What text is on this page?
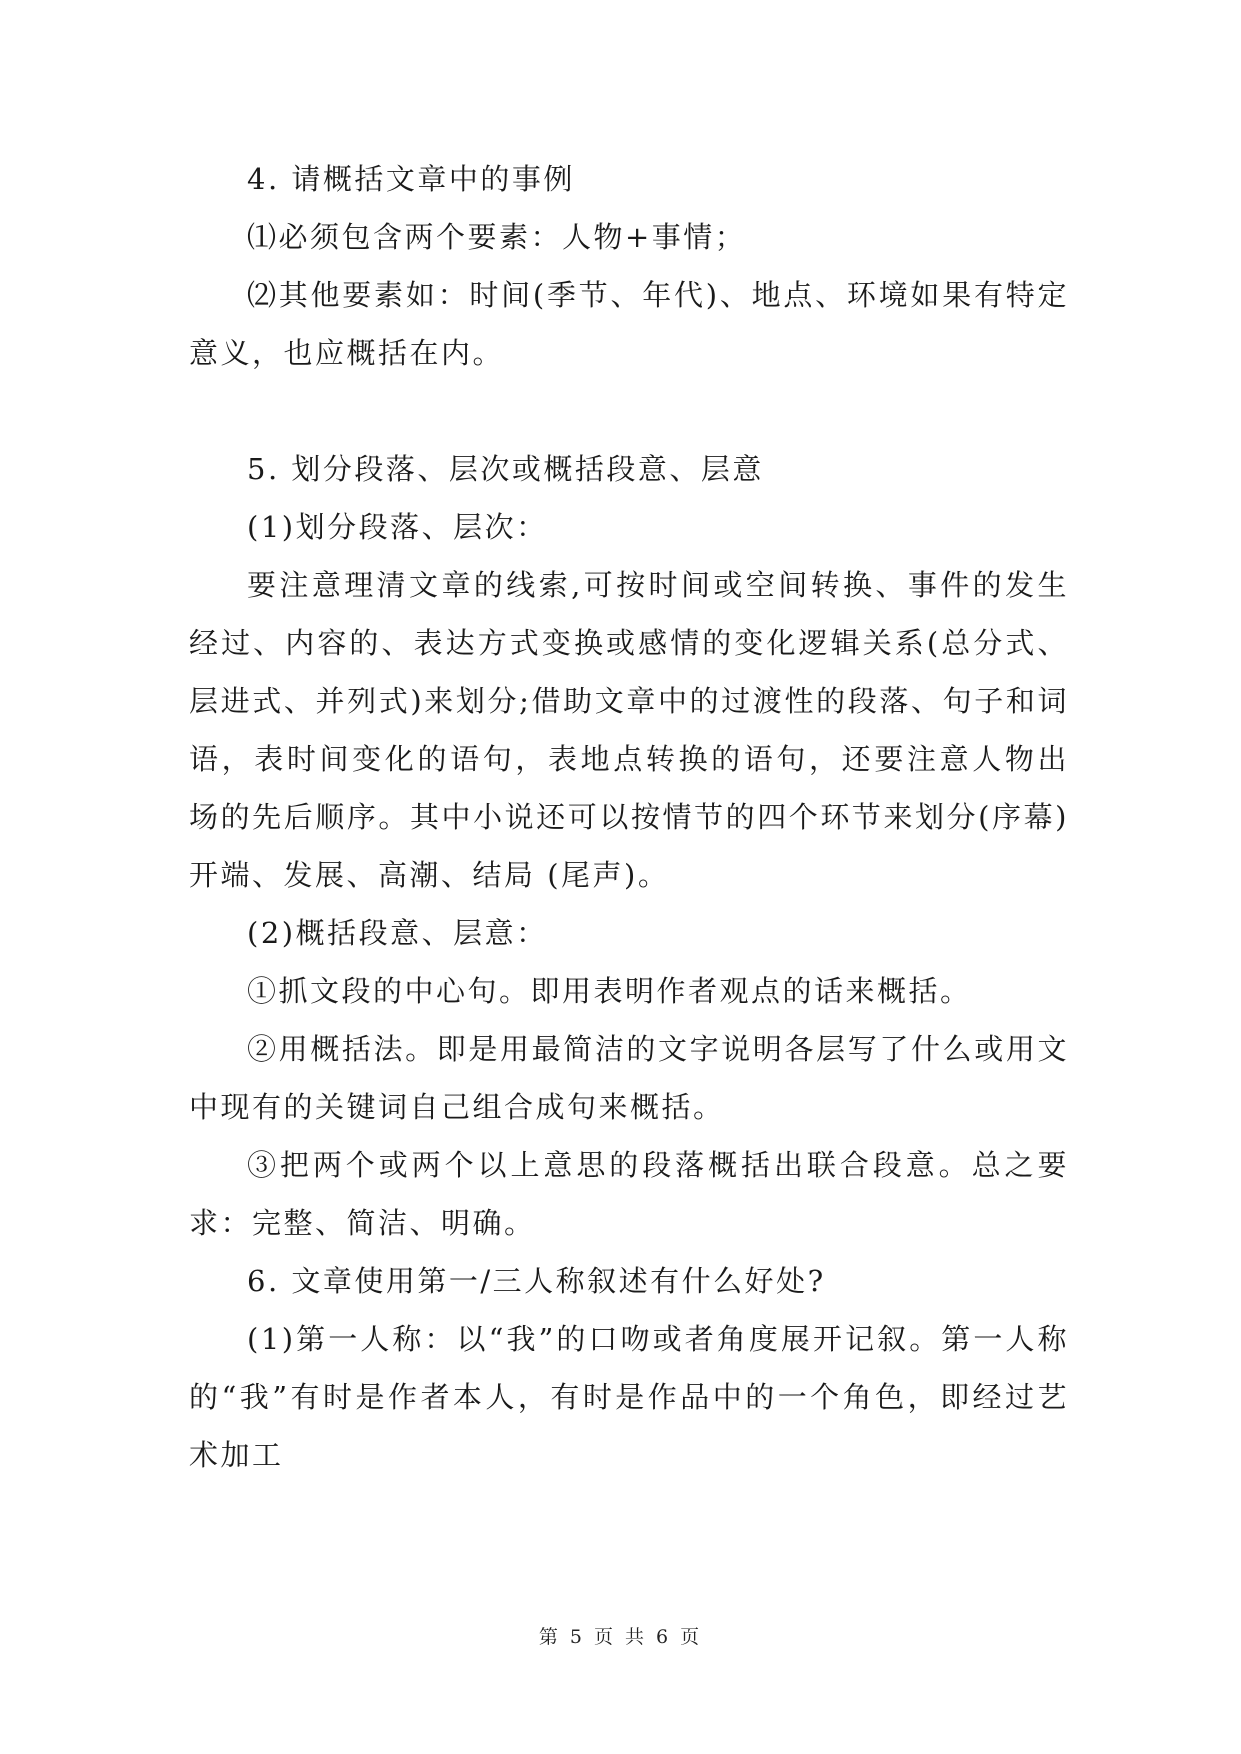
4. 请概括文章中的事例

⑴必须包含两个要素：人物+事情；

⑵其他要素如：时间(季节、年代)、地点、环境如果有特定意义，也应概括在内。

5. 划分段落、层次或概括段意、层意

(1)划分段落、层次：

要注意理清文章的线索,可按时间或空间转换、事件的发生经过、内容的、表达方式变换或感情的变化逻辑关系(总分式、层进式、并列式)来划分;借助文章中的过渡性的段落、句子和词语，表时间变化的语句，表地点转换的语句，还要注意人物出场的先后顺序。其中小说还可以按情节的四个环节来划分(序幕)开端、发展、高潮、结局 (尾声)。

(2)概括段意、层意：

①抓文段的中心句。即用表明作者观点的话来概括。

②用概括法。即是用最简洁的文字说明各层写了什么或用文中现有的关键词自己组合成句来概括。

③把两个或两个以上意思的段落概括出联合段意。总之要求：完整、简洁、明确。

6. 文章使用第一/三人称叙述有什么好处?

(1)第一人称：以“我”的口吻或者角度展开记叙。第一人称的“我”有时是作者本人，有时是作品中的一个角色，即经过艺术加工

第 5 页 共 6 页
